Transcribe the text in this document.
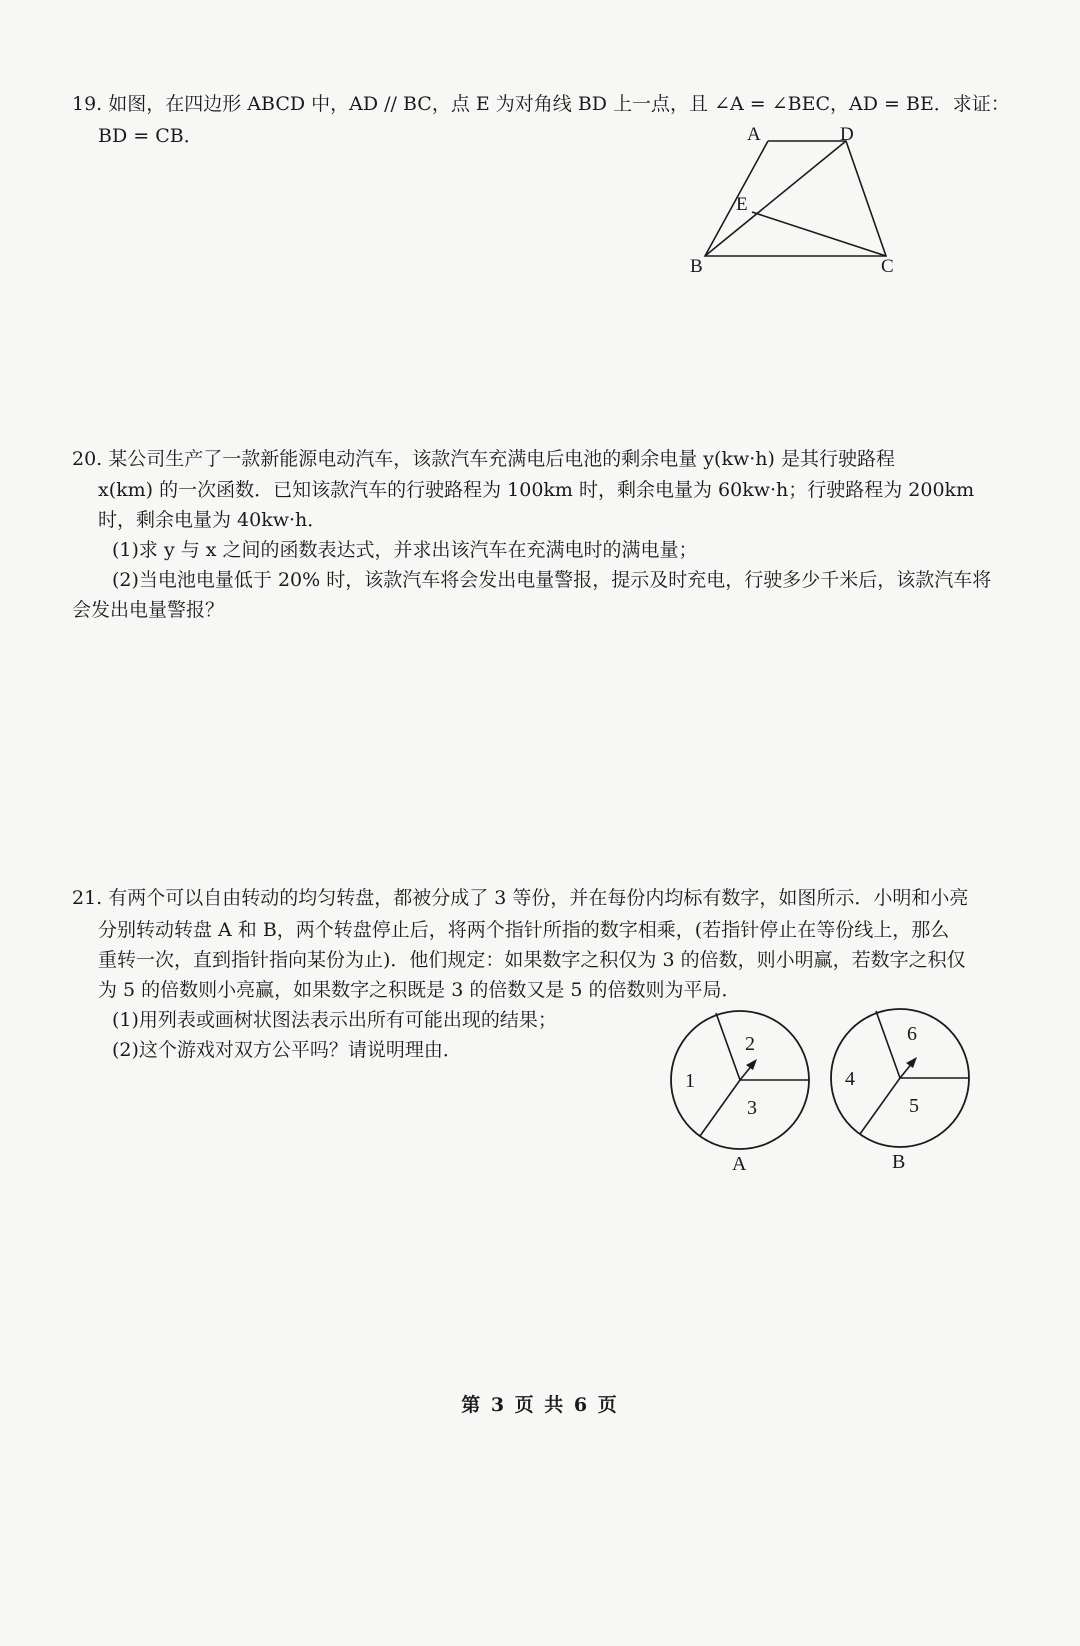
19. 如图，在四边形 ABCD 中，AD // BC，点 E 为对角线 BD 上一点，且 ∠A = ∠BEC，AD = BE．求证：
BD = CB．	A	D
E
B	C
20. 某公司生产了一款新能源电动汽车，该款汽车充满电后电池的剩余电量 y(kw·h) 是其行驶路程
x(km) 的一次函数．已知该款汽车的行驶路程为 100km 时，剩余电量为 60kw·h；行驶路程为 200km
时，剩余电量为 40kw·h．
(1)求 y 与 x 之间的函数表达式，并求出该汽车在充满电时的满电量；
(2)当电池电量低于 20% 时，该款汽车将会发出电量警报，提示及时充电，行驶多少千米后，该款汽车将
会发出电量警报？
21. 有两个可以自由转动的均匀转盘，都被分成了 3 等份，并在每份内均标有数字，如图所示．小明和小亮
分别转动转盘 A 和 B，两个转盘停止后，将两个指针所指的数字相乘，(若指针停止在等份线上，那么
重转一次，直到指针指向某份为止)．他们规定：如果数字之积仅为 3 的倍数，则小明赢，若数字之积仅
为 5 的倍数则小亮赢，如果数字之积既是 3 的倍数又是 5 的倍数则为平局．
(1)用列表或画树状图法表示出所有可能出现的结果；
(2)这个游戏对双方公平吗？请说明理由．
1
2
3
A
4
6
5
B
第 3 页 共 6 页
